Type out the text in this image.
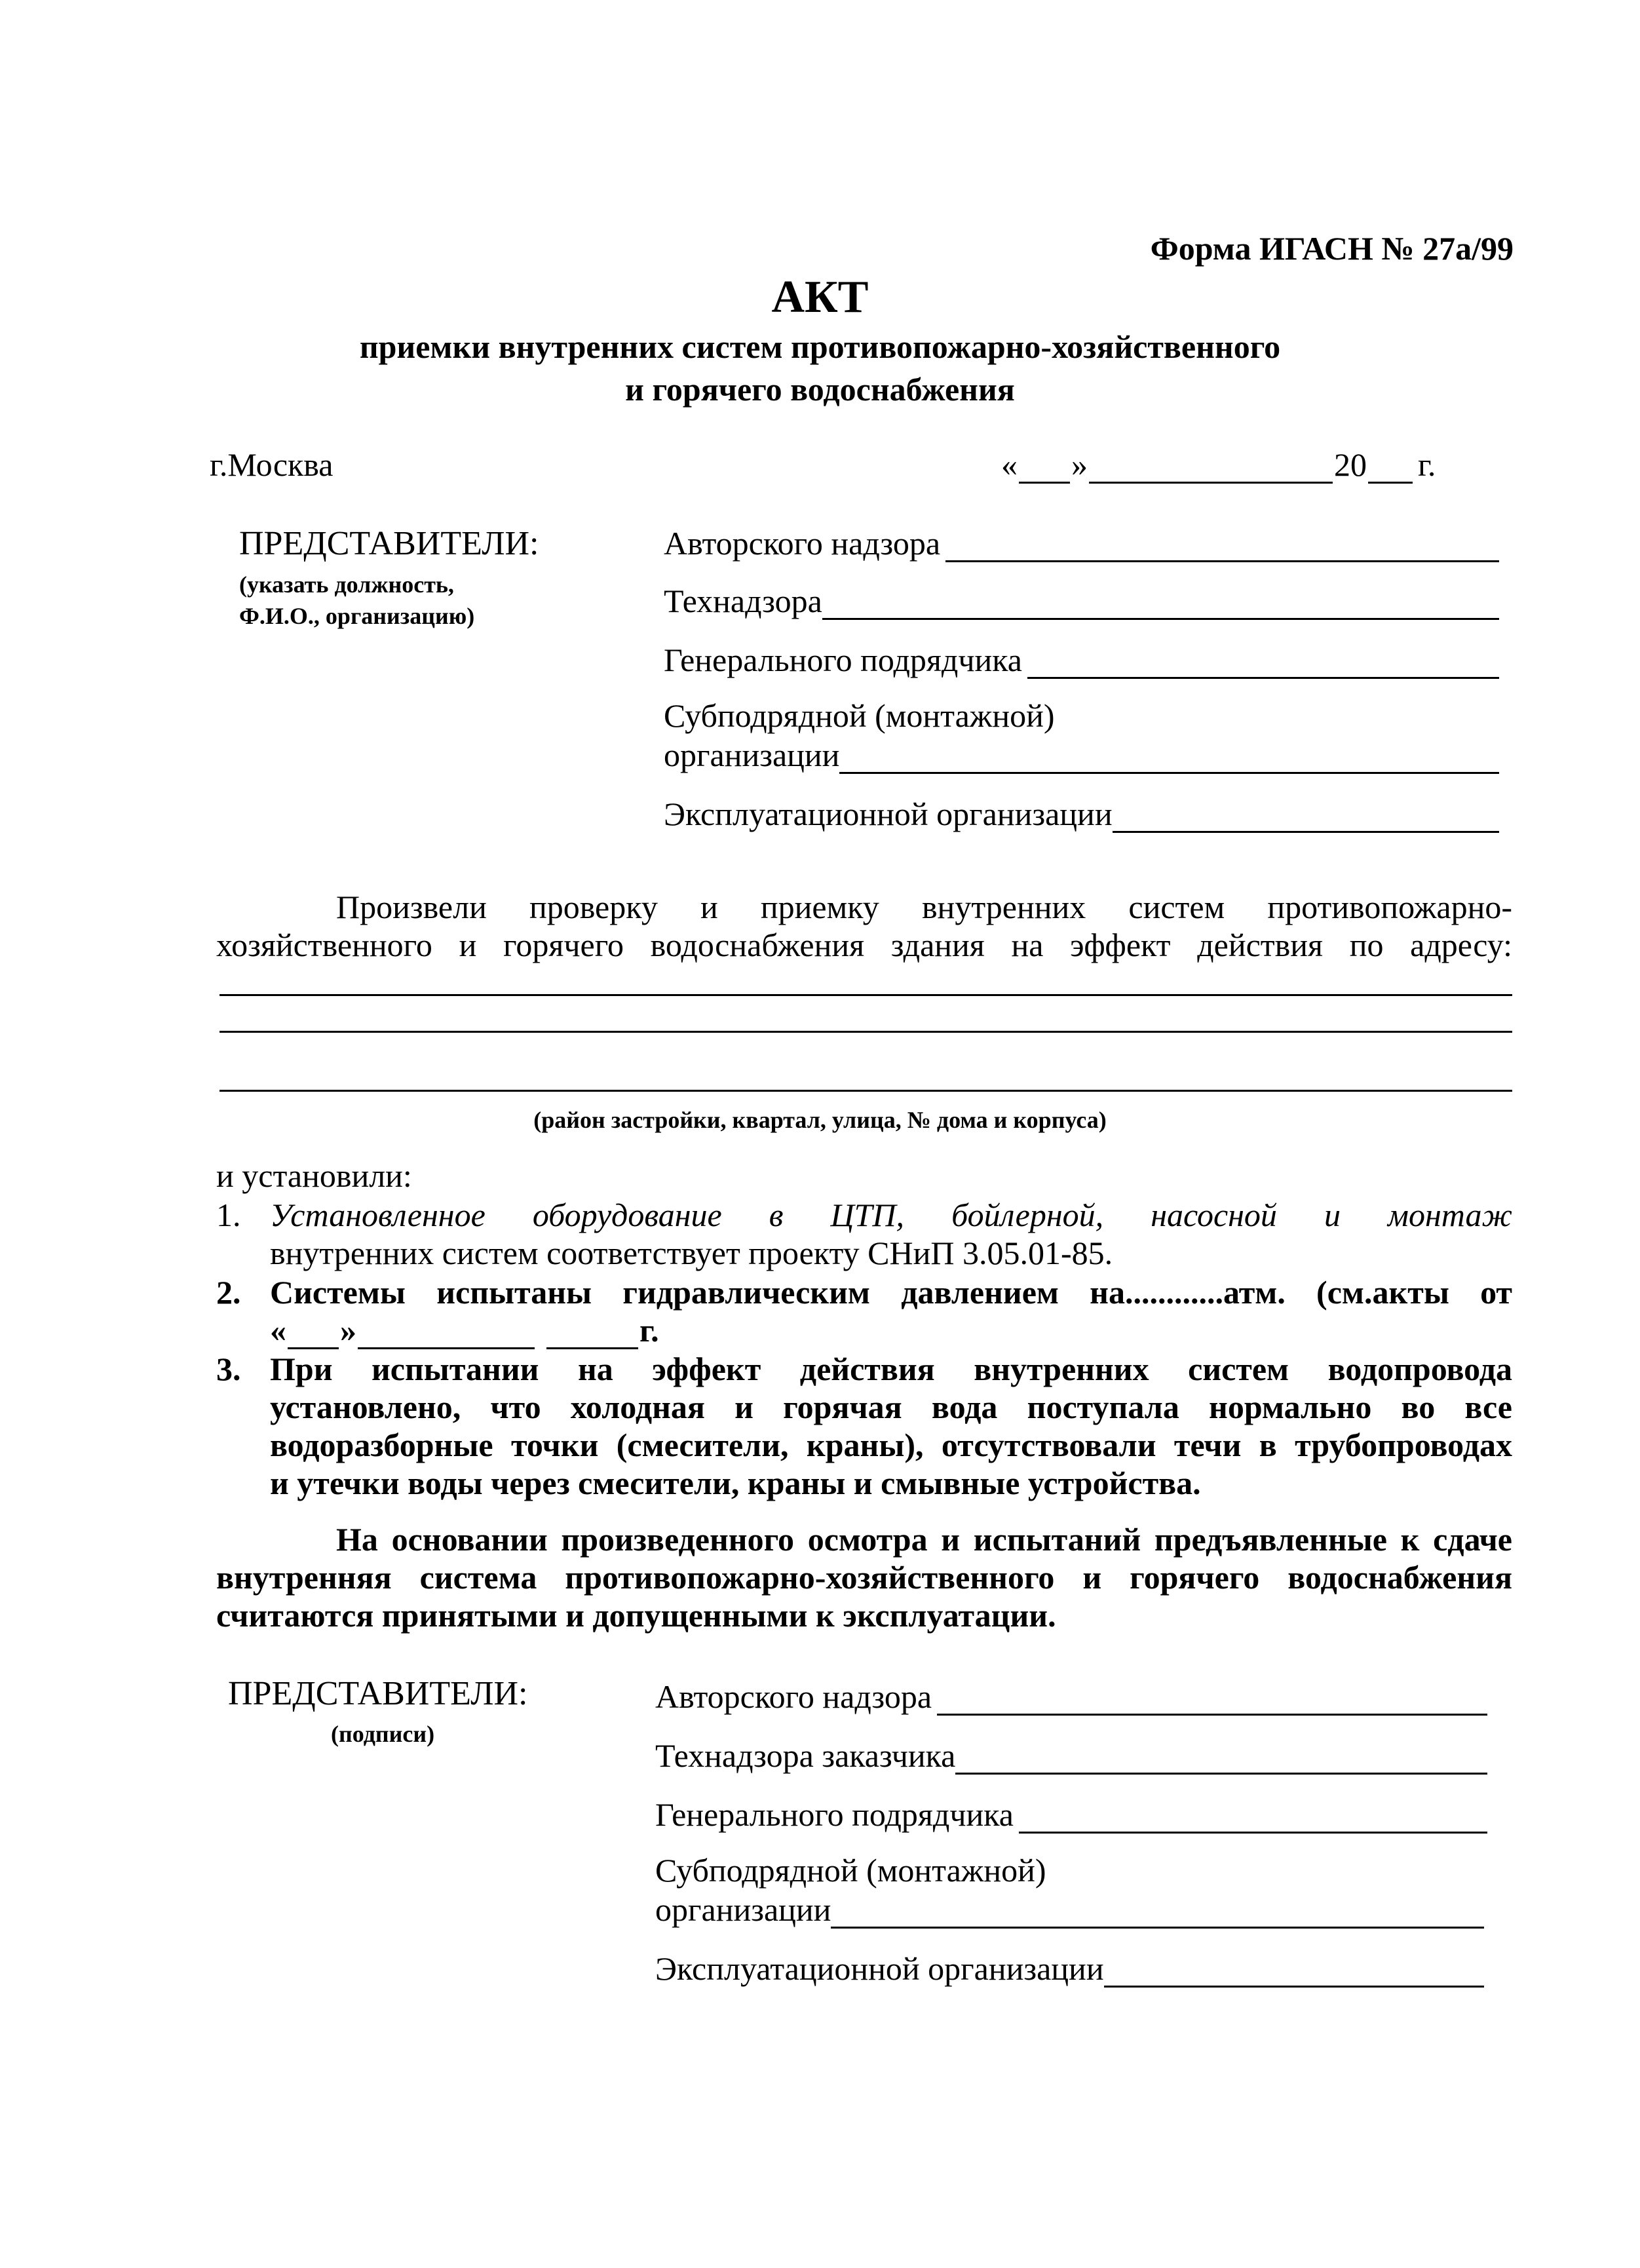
Форма ИГАСН № 27а/99
АКТ
приемки внутренних систем противопожарно-хозяйственного
и горячего водоснабжения
г.Москва	« »	20 г.
ПРЕДСТАВИТЕЛИ:
(указать должность,
Ф.И.О., организацию)
Авторского надзора
Технадзора
Генерального подрядчика
Субподрядной (монтажной)
организации
Эксплуатационной организации
Произвели проверку и приемку внутренних систем противопожарно-
хозяйственного и горячего водоснабжения здания на эффект действия по адресу:
(район застройки, квартал, улица, № дома и корпуса)
и установили:
1. Установленное оборудование в ЦТП, бойлерной, насосной и монтаж
внутренних систем соответствует проекту СНиП 3.05.01-85.
2. Системы испытаны гидравлическим давлением на............атм. (см.акты от
« »	г.
3. При испытании на эффект действия внутренних систем водопровода
установлено, что холодная и горячая вода поступала нормально во все
водоразборные точки (смесители, краны), отсутствовали течи в трубопроводах
и утечки воды через смесители, краны и смывные устройства.
На основании произведенного осмотра и испытаний предъявленные к сдаче
внутренняя система противопожарно-хозяйственного и горячего водоснабжения
считаются принятыми и допущенными к эксплуатации.
ПРЕДСТАВИТЕЛИ:
(подписи)
Авторского надзора
Технадзора заказчика
Генерального подрядчика
Субподрядной (монтажной)
организации
Эксплуатационной организации
